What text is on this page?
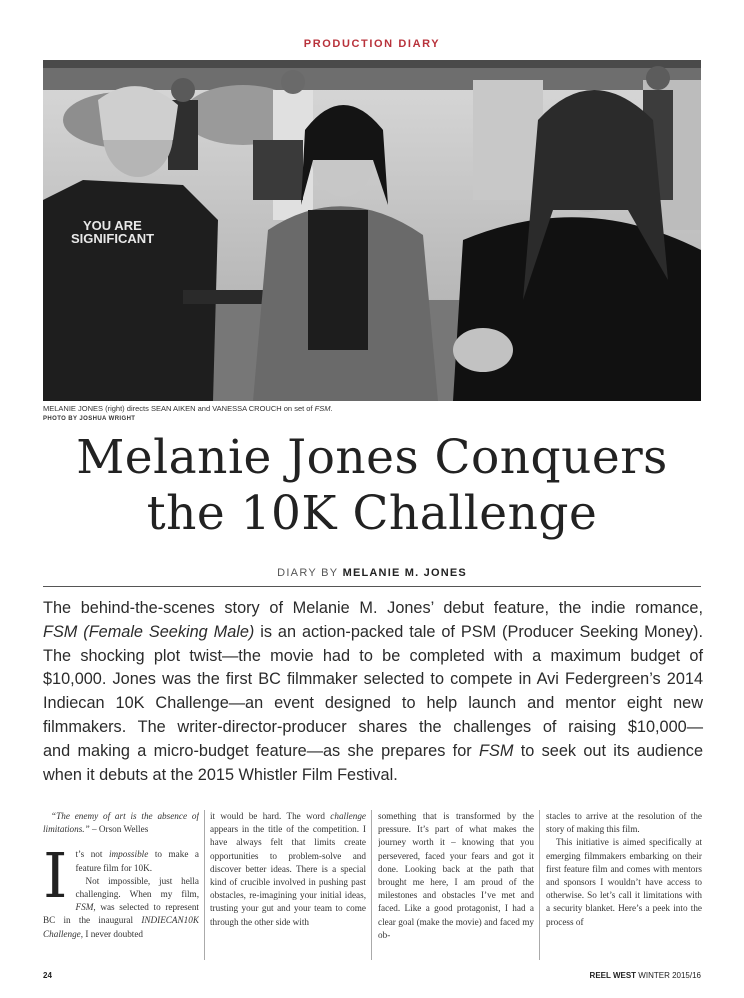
PRODUCTION DIARY
YOU ARE
SIGNIFICANT
MELANIE JONES (right) directs SEAN AIKEN and VANESSA CROUCH on set of FSM.
PHOTO BY JOSHUA WRIGHT
Melanie Jones Conquers
the 10K Challenge
DIARY BY MELANIE M. JONES
The behind-the-scenes story of Melanie M. Jones’ debut feature, the indie romance,
FSM (Female Seeking Male) is an action-packed tale of PSM (Producer Seeking Money).
The shocking plot twist—the movie had to be completed with a maximum budget of
$10,000. Jones was the first BC filmmaker selected to compete in Avi Federgreen’s 2014
Indiecan 10K Challenge—an event designed to help launch and mentor eight new
filmmakers. The writer-director-producer shares the challenges of raising $10,000—
and making a micro-budget feature—as she prepares for FSM to seek out its audience
when it debuts at the 2015 Whistler Film Festival.

“The enemy of art is the absence of limitations.” – Orson Welles

It’s not impossible to make a feature film for 10K.

Not impossible, just hella challenging. When my film, FSM, was selected to represent BC in the inaugural INDIECAN10K Challenge, I never doubted

it would be hard. The word challenge appears in the title of the competition. I have always felt that limits create opportunities to problem-solve and discover better ideas. There is a special kind of crucible involved in pushing past obstacles, re-imagining your initial ideas, trusting your gut and your team to come through the other side with

something that is transformed by the pressure. It’s part of what makes the journey worth it – knowing that you persevered, faced your fears and got it done. Looking back at the path that brought me here, I am proud of the milestones and obstacles I’ve met and faced. Like a good protagonist, I had a clear goal (make the movie) and faced my ob-

stacles to arrive at the resolution of the story of making this film.

This initiative is aimed specifically at emerging filmmakers embarking on their first feature film and comes with mentors and sponsors I wouldn’t have access to otherwise. So let’s call it limitations with a security blanket. Here’s a peek into the process of

24	REEL WEST WINTER 2015/16
